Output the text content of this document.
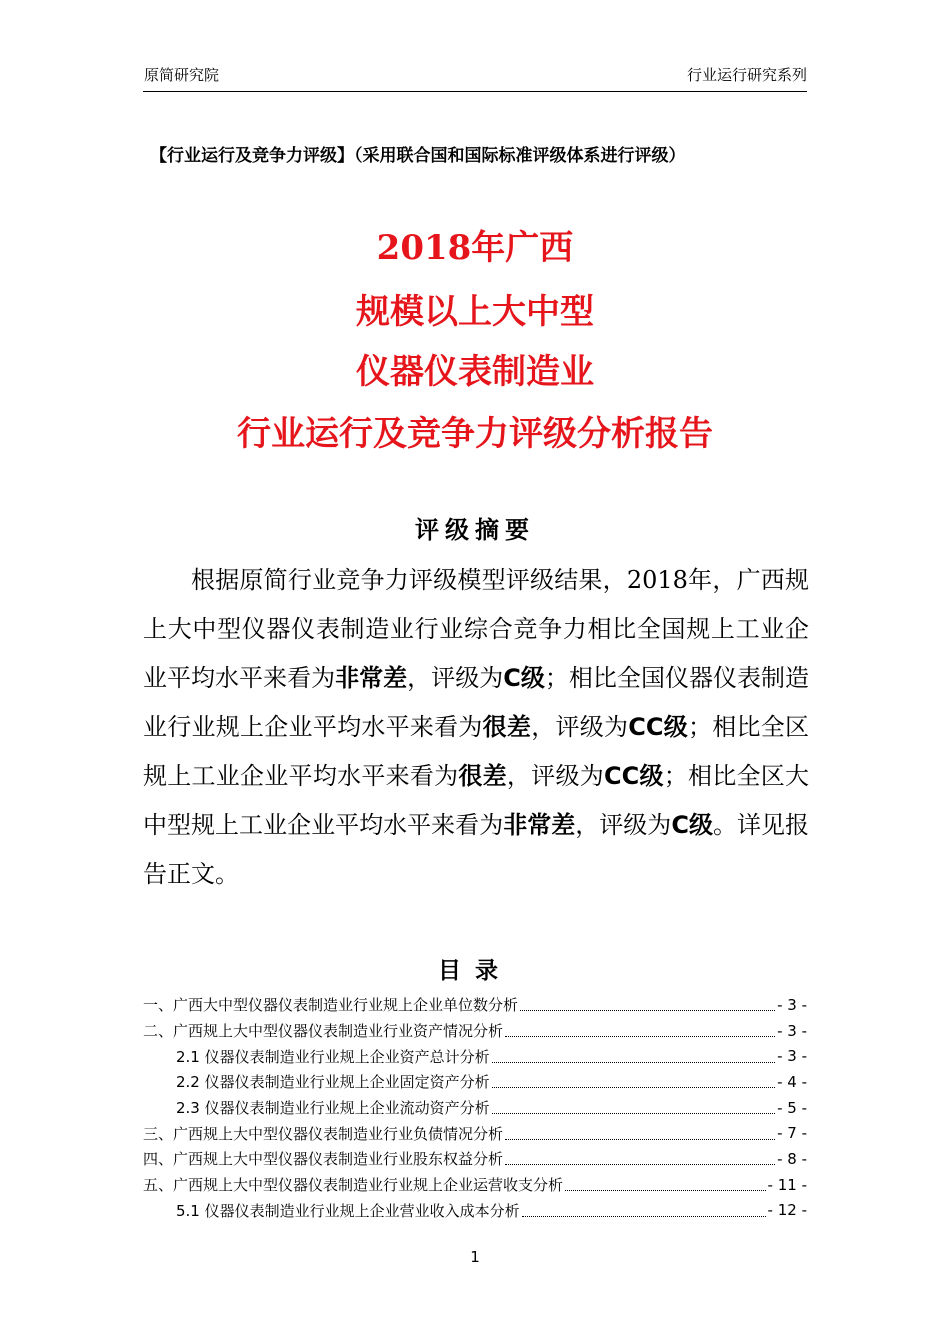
原简研究院	行业运行研究系列
【行业运行及竞争力评级】（采用联合国和国际标准评级体系进行评级）
2018年广西
规模以上大中型
仪器仪表制造业
行业运行及竞争力评级分析报告
评级摘要
根据原简行业竞争力评级模型评级结果，2018年，广西规上大中型仪器仪表制造业行业综合竞争力相比全国规上工业企业平均水平来看为非常差，评级为C级；相比全国仪器仪表制造业行业规上企业平均水平来看为很差，评级为CC级；相比全区规上工业企业平均水平来看为很差，评级为CC级；相比全区大中型规上工业企业平均水平来看为非常差，评级为C级。详见报告正文。
目录
一、广西大中型仪器仪表制造业行业规上企业单位数分析	- 3 -
二、广西规上大中型仪器仪表制造业行业资产情况分析	- 3 -
2.1 仪器仪表制造业行业规上企业资产总计分析	- 3 -
2.2 仪器仪表制造业行业规上企业固定资产分析	- 4 -
2.3 仪器仪表制造业行业规上企业流动资产分析	- 5 -
三、广西规上大中型仪器仪表制造业行业负债情况分析	- 7 -
四、广西规上大中型仪器仪表制造业行业股东权益分析	- 8 -
五、广西规上大中型仪器仪表制造业行业规上企业运营收支分析	- 11 -
5.1 仪器仪表制造业行业规上企业营业收入成本分析	- 12 -
1
